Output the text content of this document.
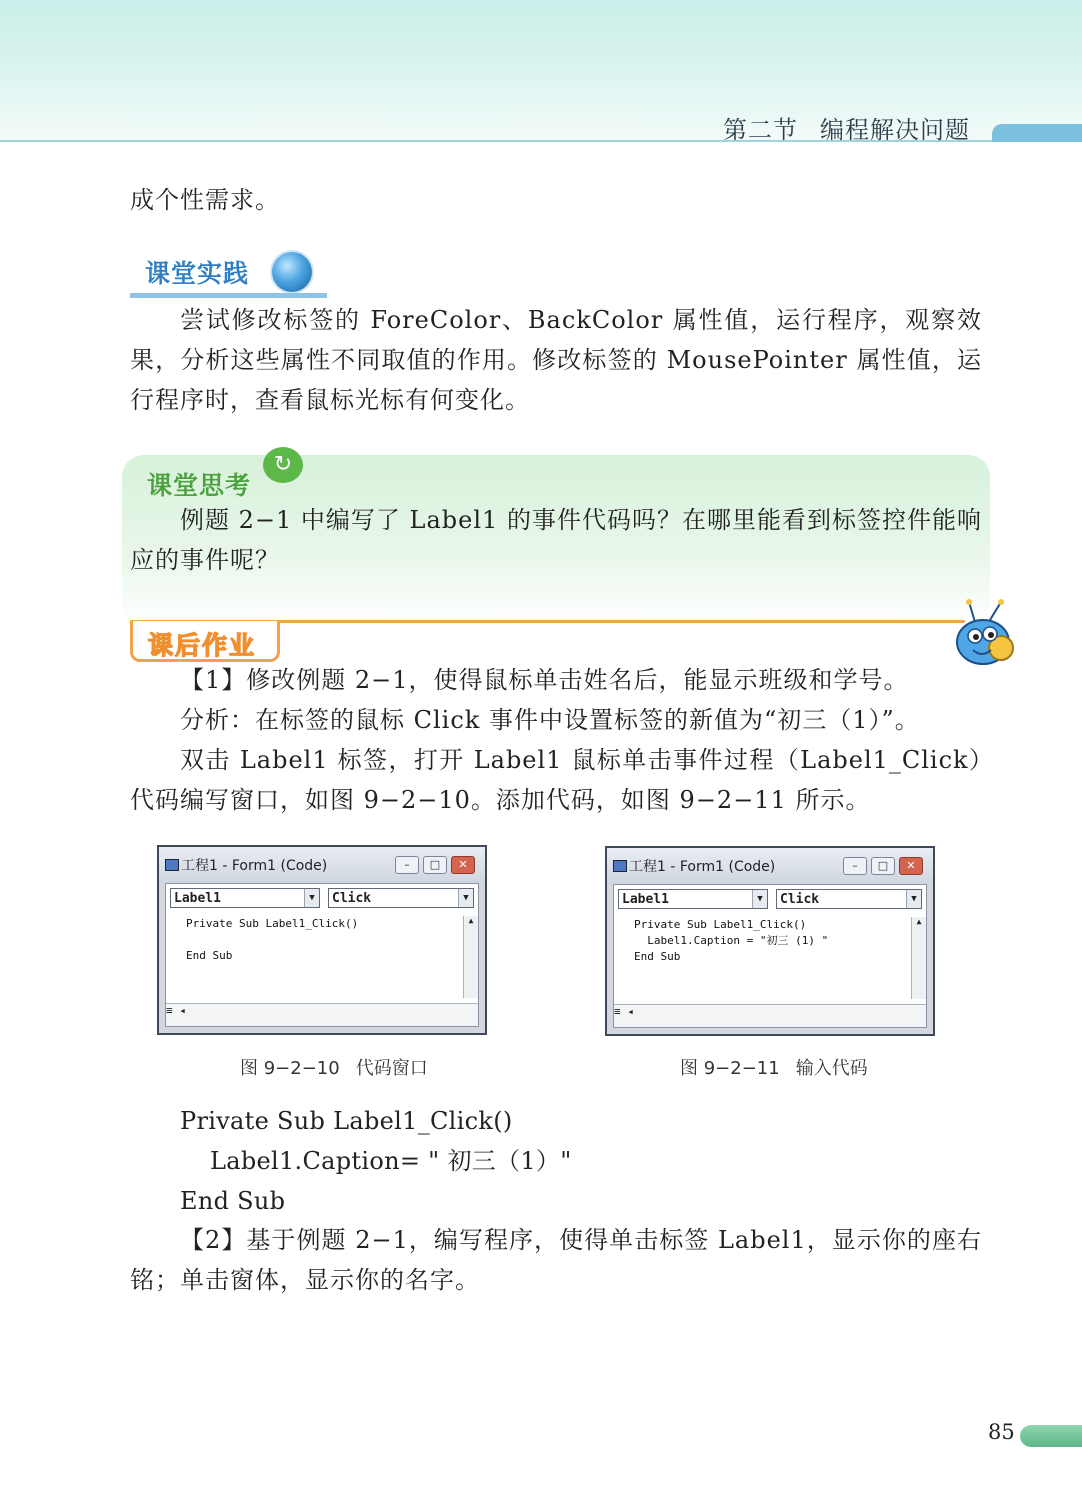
第二节 编程解决问题
成个性需求。
课堂实践
尝试修改标签的 ForeColor、BackColor 属性值，运行程序，观察效果，分析这些属性不同取值的作用。修改标签的 MousePointer 属性值，运行程序时，查看鼠标光标有何变化。
课堂思考
↻
例题 2−1 中编写了 Label1 的事件代码吗？在哪里能看到标签控件能响应的事件呢？
课后作业
【1】修改例题 2−1，使得鼠标单击姓名后，能显示班级和学号。
分析：在标签的鼠标 Click 事件中设置标签的新值为“初三（1）”。
双击 Label1 标签，打开 Label1 鼠标单击事件过程（Label1_Click）代码编写窗口，如图 9−2−10。添加代码，如图 9−2−11 所示。
工程1 - Form1 (Code)	–	□	✕
Label1	▼	Click	▼
Private Sub Label1_Click()

End Sub
▲
≡ ◂
图 9−2−10 代码窗口
工程1 - Form1 (Code)	–	□	✕
Label1	▼	Click	▼
Private Sub Label1_Click()
Label1.Caption = "初三 (1) "
End Sub
▲
≡ ◂
图 9−2−11 输入代码
Private Sub Label1_Click()
Label1.Caption= " 初三（1）"
End Sub
【2】基于例题 2−1，编写程序，使得单击标签 Label1，显示你的座右铭；单击窗体，显示你的名字。
85
